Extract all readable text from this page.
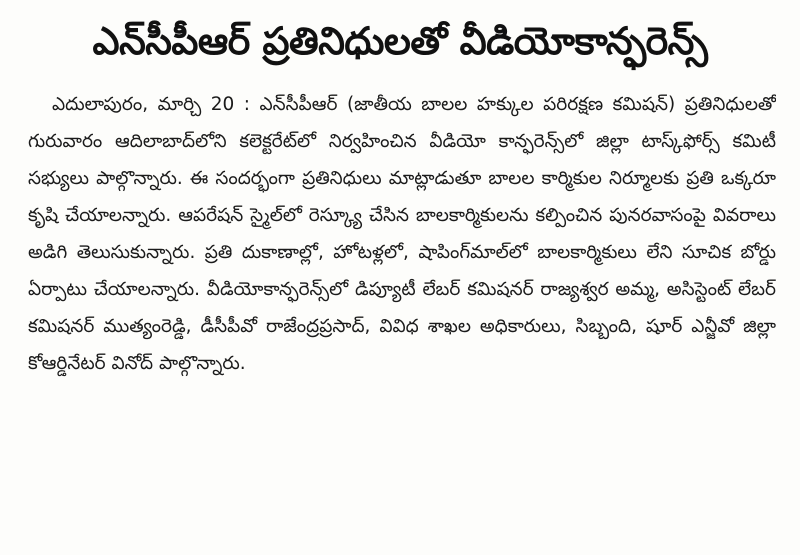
ఎన్‌సీపీఆర్ ప్రతినిధులతో వీడియోకాన్ఫరెన్స్
ఎదులాపురం, మార్చి 20 : ఎన్‌సీపీఆర్ (జాతీయ బాలల హక్కుల పరిరక్షణ కమిషన్) ప్రతినిధులతో గురువారం ఆదిలాబాద్‌లోని కలెక్టరేట్‌లో నిర్వహించిన వీడియో కాన్ఫరెన్స్‌లో జిల్లా టాస్క్‌ఫోర్స్ కమిటీ సభ్యులు పాల్గొన్నారు. ఈ సందర్భంగా ప్రతినిధులు మాట్లాడుతూ బాలల కార్మికుల నిర్మూలకు ప్రతి ఒక్కరూ కృషి చేయాలన్నారు. ఆపరేషన్ స్మైల్‌లో రెస్క్యూ చేసిన బాలకార్మికులను కల్పించిన పునరవాసంపై వివరాలు అడిగి తెలుసుకున్నారు. ప్రతి దుకాణాల్లో, హోటళ్లలో, షాపింగ్‌మాల్‌లో బాలకార్మికులు లేని సూచిక బోర్డు ఏర్పాటు చేయాలన్నారు. వీడియోకాన్ఫరెన్స్‌లో డిప్యూటీ లేబర్ కమిషనర్ రాజ్యశ్వర అమ్మ, అసిస్టెంట్ లేబర్ కమిషనర్ ముత్యంరెడ్డి, డీసీపీవో రాజేంద్రప్రసాద్, వివిధ శాఖల అధికారులు, సిబ్బంది, షూర్ ఎన్జీవో జిల్లా కోఆర్డినేటర్ వినోద్ పాల్గొన్నారు.
